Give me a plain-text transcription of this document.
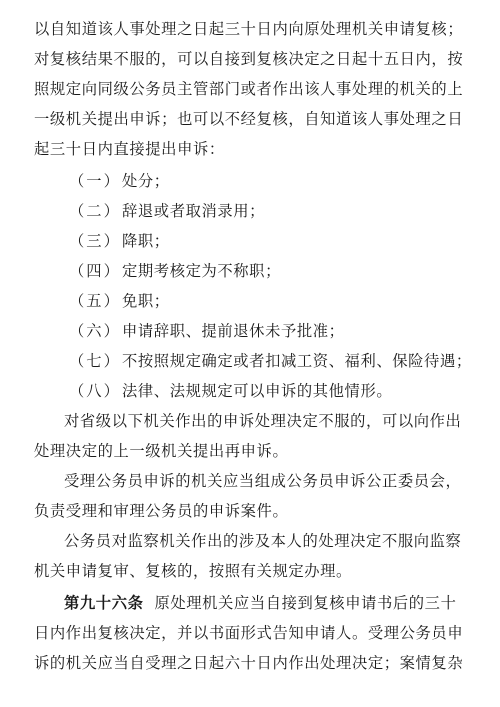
以自知道该人事处理之日起三十日内向原处理机关申请复核；
对复核结果不服的，可以自接到复核决定之日起十五日内，按
照规定向同级公务员主管部门或者作出该人事处理的机关的上
一级机关提出申诉；也可以不经复核，自知道该人事处理之日
起三十日内直接提出申诉：
（一）处分；
（二）辞退或者取消录用；
（三）降职；
（四）定期考核定为不称职；
（五）免职；
（六）申请辞职、提前退休未予批准；
（七）不按照规定确定或者扣减工资、福利、保险待遇；
（八）法律、法规规定可以申诉的其他情形。
对省级以下机关作出的申诉处理决定不服的，可以向作出
处理决定的上一级机关提出再申诉。
受理公务员申诉的机关应当组成公务员申诉公正委员会，
负责受理和审理公务员的申诉案件。
公务员对监察机关作出的涉及本人的处理决定不服向监察
机关申请复审、复核的，按照有关规定办理。
第九十六条 原处理机关应当自接到复核申请书后的三十
日内作出复核决定，并以书面形式告知申请人。受理公务员申
诉的机关应当自受理之日起六十日内作出处理决定；案情复杂
